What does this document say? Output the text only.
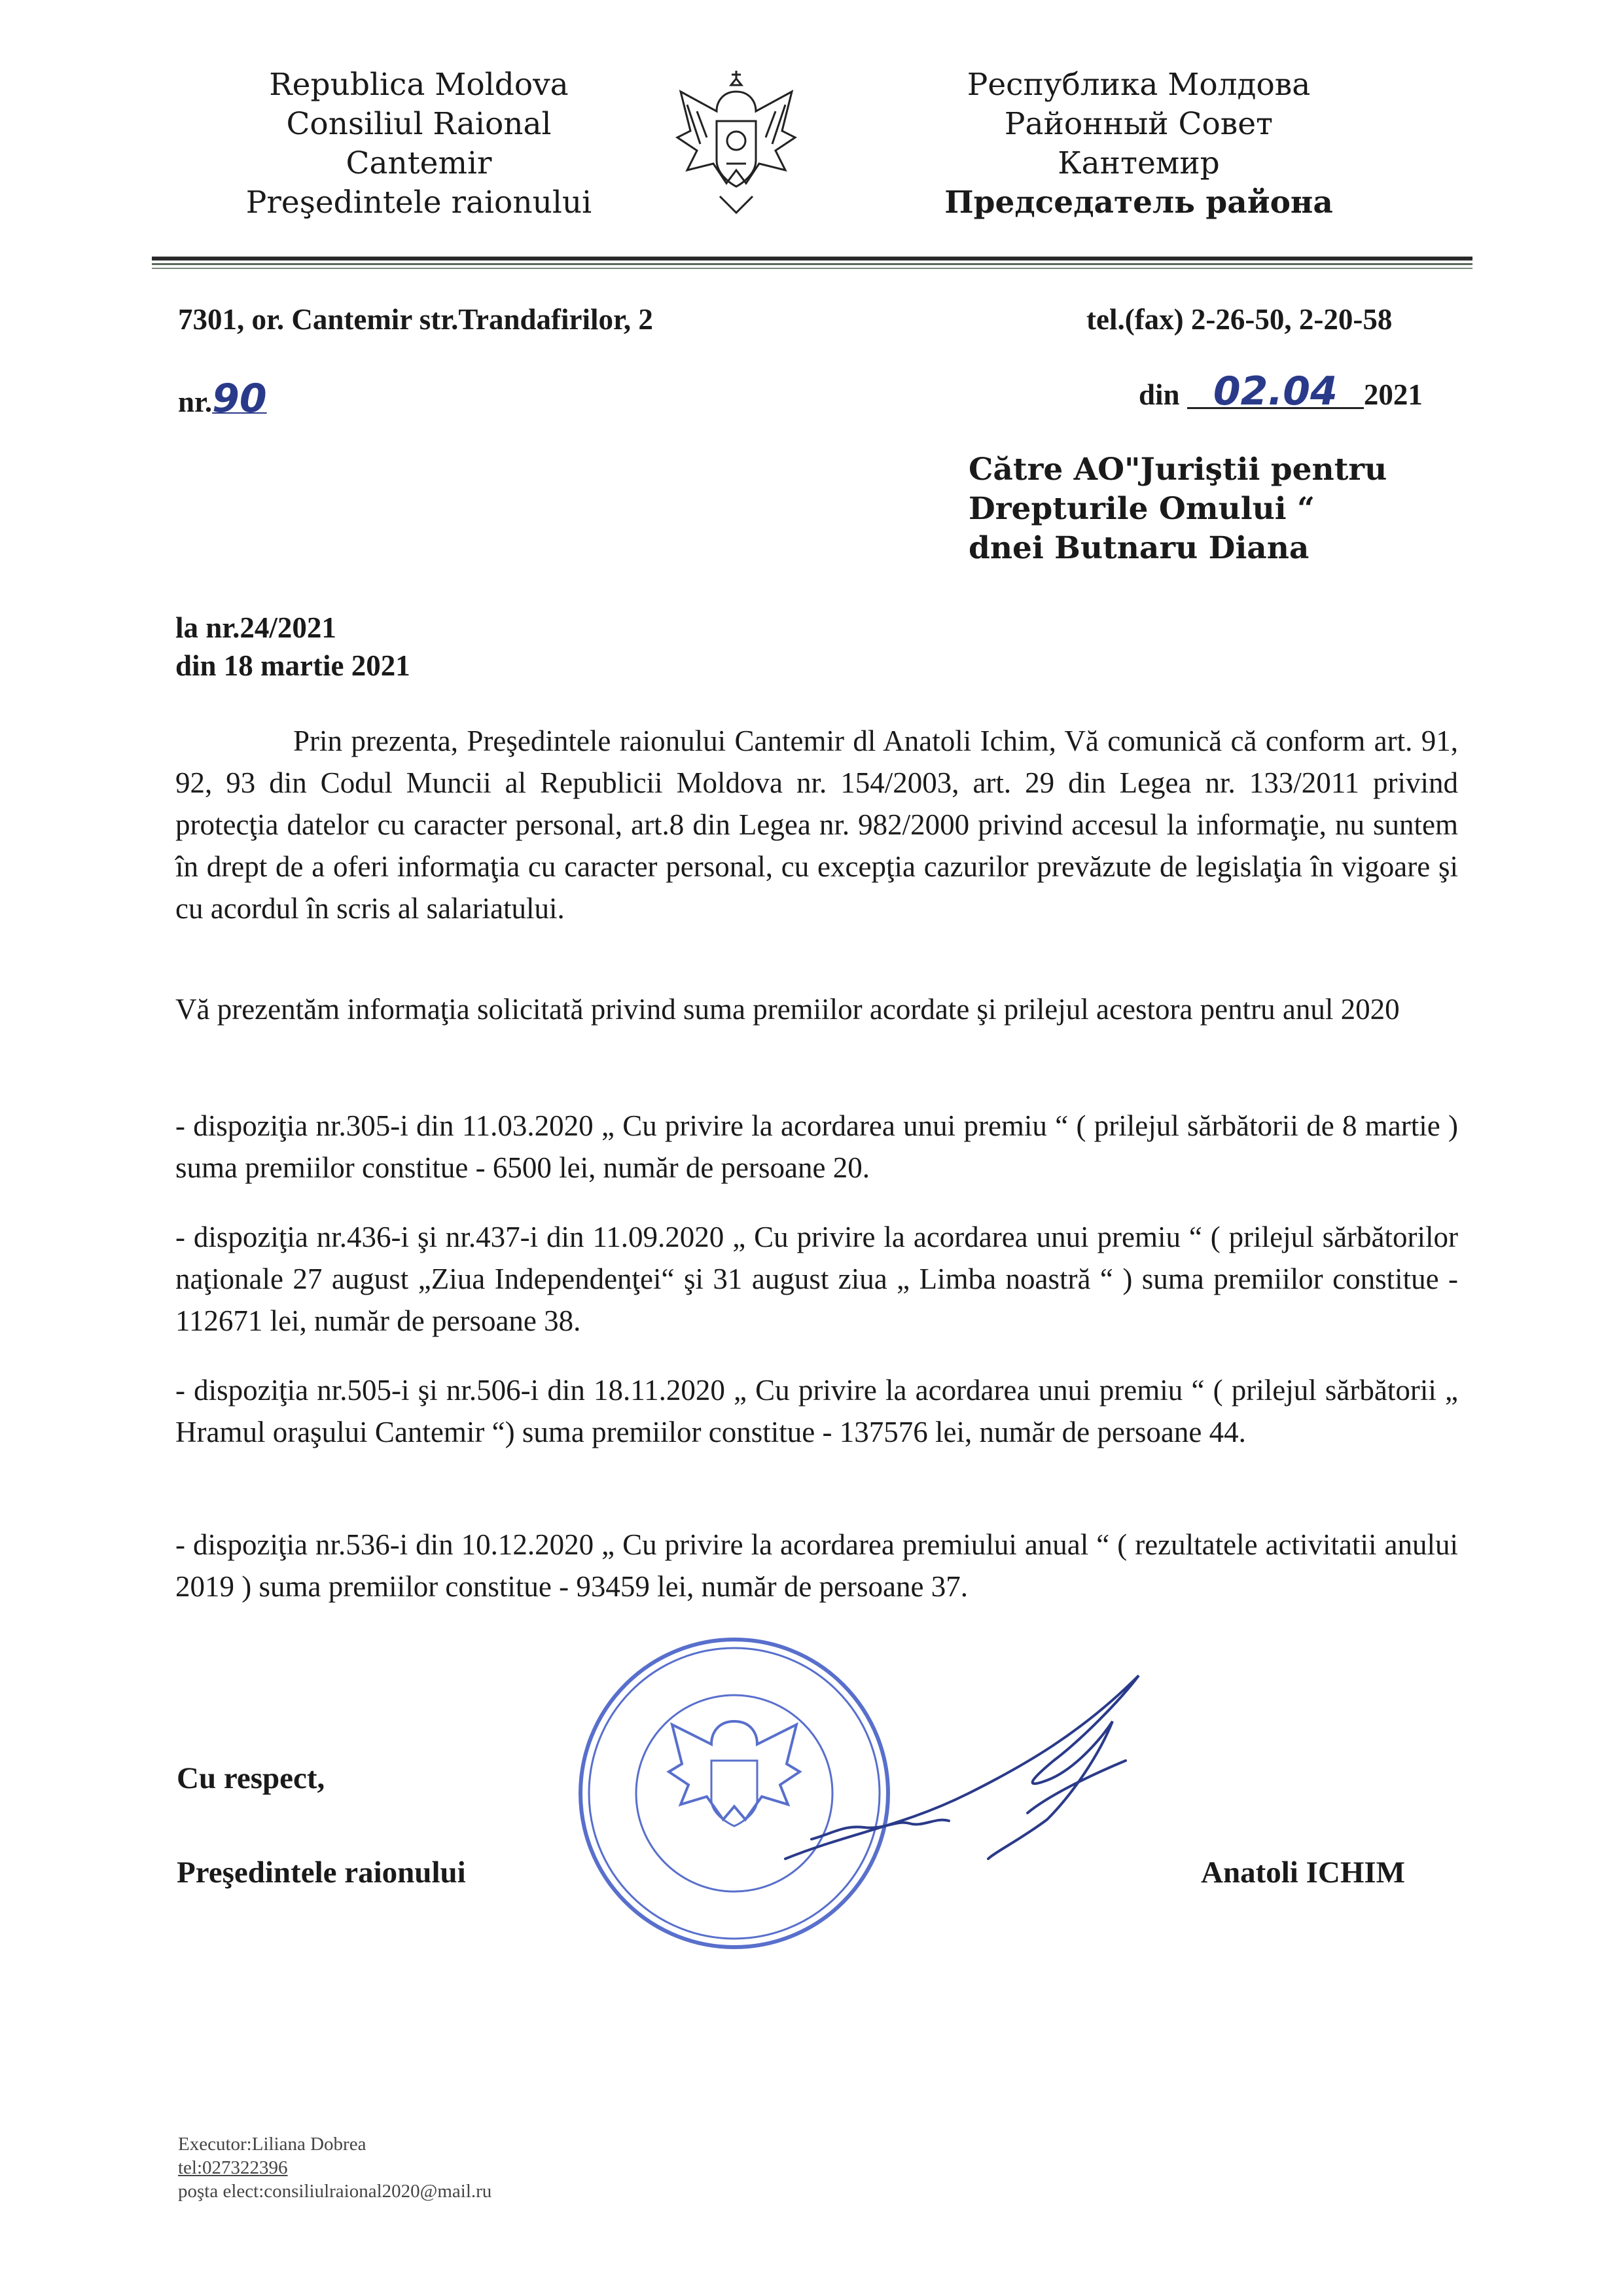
Republica Moldova
Consiliul Raional
Cantemir
Preşedintele raionului
Республика Молдова
Районный Совет
Кантемир
Председатель района
7301, or. Cantemir str.Trandafirilor, 2	tel.(fax) 2-26-50, 2-20-58
nr.90	din 02.04 2021
Către AO"Juriştii pentru
Drepturile Omului “
dnei Butnaru Diana
la nr.24/2021
din 18 martie 2021
Prin prezenta, Preşedintele raionului Cantemir dl Anatoli Ichim, Vă comunică că conform art. 91, 92, 93 din Codul Muncii al Republicii Moldova nr. 154/2003, art. 29 din Legea nr. 133/2011 privind protecţia datelor cu caracter personal, art.8 din Legea nr. 982/2000 privind accesul la informaţie, nu suntem în drept de a oferi informaţia cu caracter personal, cu excepţia cazurilor prevăzute de legislaţia în vigoare şi cu acordul în scris al salariatului.
Vă prezentăm informaţia solicitată privind suma premiilor acordate şi prilejul acestora pentru anul 2020
- dispoziţia nr.305-i din 11.03.2020 „ Cu privire la acordarea unui premiu “ ( prilejul sărbătorii de 8 martie ) suma premiilor constitue - 6500 lei, număr de persoane 20.
- dispoziţia nr.436-i şi nr.437-i din 11.09.2020 „ Cu privire la acordarea unui premiu “ ( prilejul sărbătorilor naţionale 27 august „Ziua Independenţei“ şi 31 august ziua „ Limba noastră “ ) suma premiilor constitue - 112671 lei, număr de persoane 38.
- dispoziţia nr.505-i şi nr.506-i din 18.11.2020 „ Cu privire la acordarea unui premiu “ ( prilejul sărbătorii „ Hramul oraşului Cantemir “) suma premiilor constitue - 137576 lei, număr de persoane 44.
- dispoziţia nr.536-i din 10.12.2020 „ Cu privire la acordarea premiului anual “ ( rezultatele activitatii anului 2019 ) suma premiilor constitue - 93459 lei, număr de persoane 37.
Cu respect,
Preşedintele raionului	Anatoli ICHIM
Executor:Liliana Dobrea
tel:027322396
poşta elect:consiliulraional2020@mail.ru
